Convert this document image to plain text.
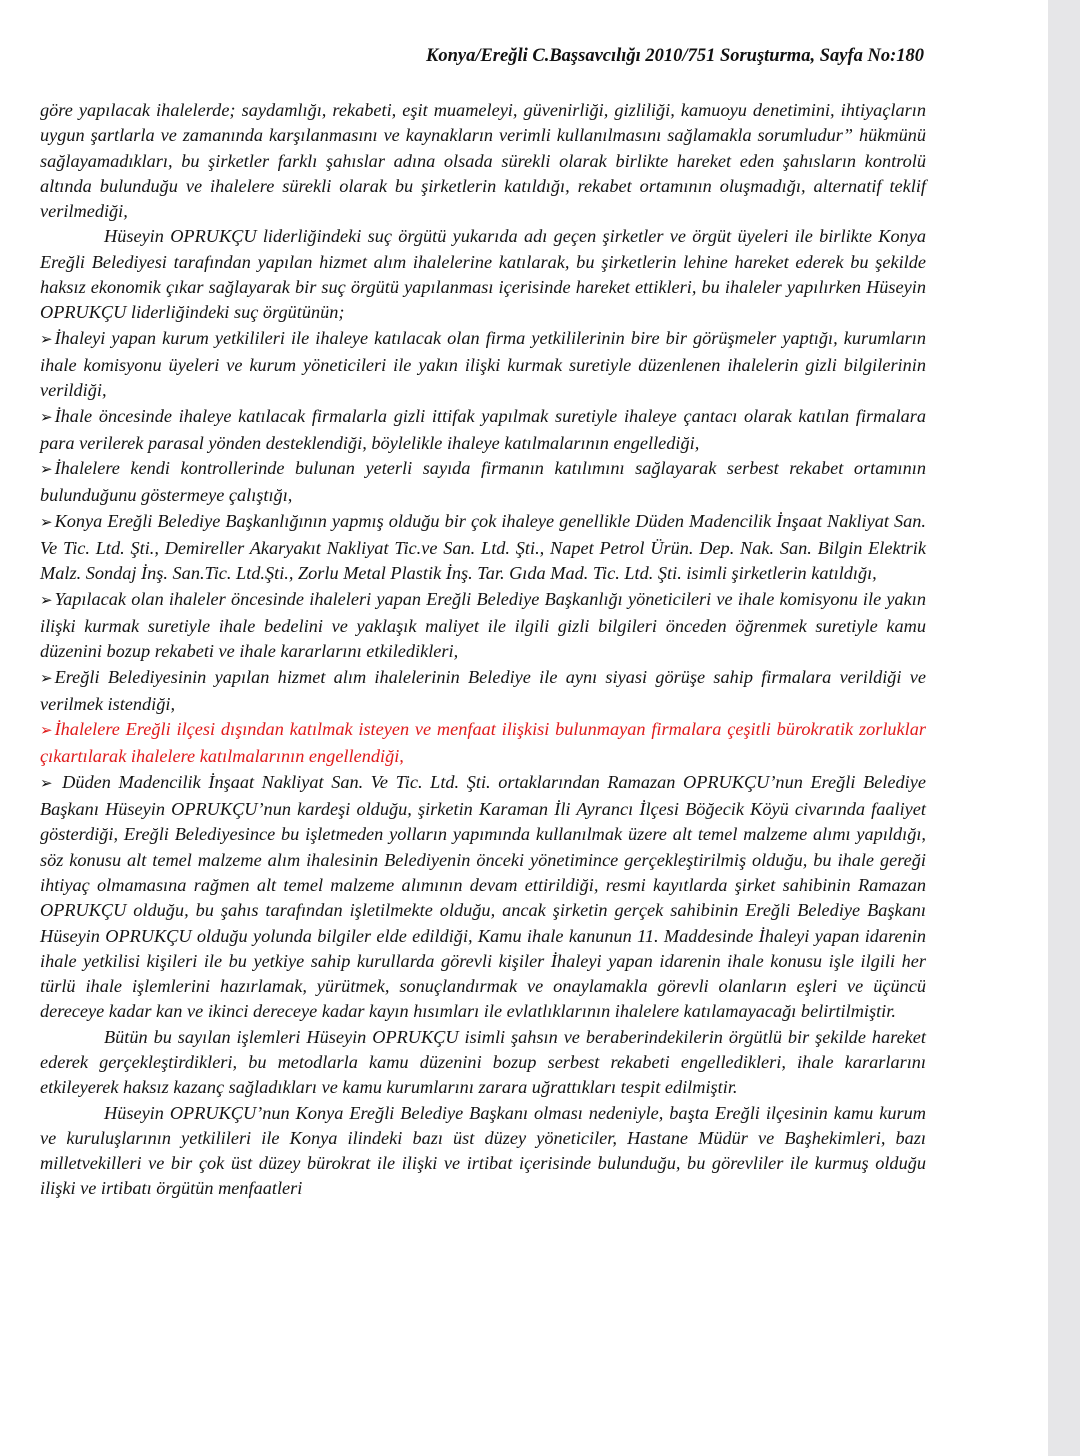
Konya/Ereğli C.Başsavcılığı 2010/751 Soruşturma, Sayfa No:180

göre yapılacak ihalelerde; saydamlığı, rekabeti, eşit muameleyi, güvenirliği, gizliliği, kamuoyu denetimini, ihtiyaçların uygun şartlarla ve zamanında karşılanmasını ve kaynakların verimli kullanılmasını sağlamakla sorumludur” hükmünü sağlayamadıkları, bu şirketler farklı şahıslar adına olsada sürekli olarak birlikte hareket eden şahısların kontrolü altında bulunduğu ve ihalelere sürekli olarak bu şirketlerin katıldığı, rekabet ortamının oluşmadığı, alternatif teklif verilmediği,

Hüseyin OPRUKÇU liderliğindeki suç örgütü yukarıda adı geçen şirketler ve örgüt üyeleri ile birlikte Konya Ereğli Belediyesi tarafından yapılan hizmet alım ihalelerine katılarak, bu şirketlerin lehine hareket ederek bu şekilde haksız ekonomik çıkar sağlayarak bir suç örgütü yapılanması içerisinde hareket ettikleri, bu ihaleler yapılırken Hüseyin OPRUKÇU liderliğindeki suç örgütünün;

➢ İhaleyi yapan kurum yetkilileri ile ihaleye katılacak olan firma yetkililerinin bire bir görüşmeler yaptığı, kurumların ihale komisyonu üyeleri ve kurum yöneticileri ile yakın ilişki kurmak suretiyle düzenlenen ihalelerin gizli bilgilerinin verildiği,

➢ İhale öncesinde ihaleye katılacak firmalarla gizli ittifak yapılmak suretiyle ihaleye çantacı olarak katılan firmalara para verilerek parasal yönden desteklendiği, böylelikle ihaleye katılmalarının engellediği,

➢ İhalelere kendi kontrollerinde bulunan yeterli sayıda firmanın katılımını sağlayarak serbest rekabet ortamının bulunduğunu göstermeye çalıştığı,

➢ Konya Ereğli Belediye Başkanlığının yapmış olduğu bir çok ihaleye genellikle Düden Madencilik İnşaat Nakliyat San. Ve Tic. Ltd. Şti., Demireller Akaryakıt Nakliyat Tic.ve San. Ltd. Şti., Napet Petrol Ürün. Dep. Nak. San. Bilgin Elektrik Malz. Sondaj İnş. San.Tic. Ltd.Şti., Zorlu Metal Plastik İnş. Tar. Gıda Mad. Tic. Ltd. Şti. isimli şirketlerin katıldığı,

➢ Yapılacak olan ihaleler öncesinde ihaleleri yapan Ereğli Belediye Başkanlığı yöneticileri ve ihale komisyonu ile yakın ilişki kurmak suretiyle ihale bedelini ve yaklaşık maliyet ile ilgili gizli bilgileri önceden öğrenmek suretiyle kamu düzenini bozup rekabeti ve ihale kararlarını etkiledikleri,

➢ Ereğli Belediyesinin yapılan hizmet alım ihalelerinin Belediye ile aynı siyasi görüşe sahip firmalara verildiği ve verilmek istendiği,

➢ İhalelere Ereğli ilçesi dışından katılmak isteyen ve menfaat ilişkisi bulunmayan firmalara çeşitli bürokratik zorluklar çıkartılarak ihalelere katılmalarının engellendiği,

➢ Düden Madencilik İnşaat Nakliyat San. Ve Tic. Ltd. Şti. ortaklarından Ramazan OPRUKÇU’nun Ereğli Belediye Başkanı Hüseyin OPRUKÇU’nun kardeşi olduğu, şirketin Karaman İli Ayrancı İlçesi Böğecik Köyü civarında faaliyet gösterdiği, Ereğli Belediyesince bu işletmeden yolların yapımında kullanılmak üzere alt temel malzeme alımı yapıldığı, söz konusu alt temel malzeme alım ihalesinin Belediyenin önceki yönetimince gerçekleştirilmiş olduğu, bu ihale gereği ihtiyaç olmamasına rağmen alt temel malzeme alımının devam ettirildiği, resmi kayıtlarda şirket sahibinin Ramazan OPRUKÇU olduğu, bu şahıs tarafından işletilmekte olduğu, ancak şirketin gerçek sahibinin Ereğli Belediye Başkanı Hüseyin OPRUKÇU olduğu yolunda bilgiler elde edildiği, Kamu ihale kanunun 11. Maddesinde İhaleyi yapan idarenin ihale yetkilisi kişileri ile bu yetkiye sahip kurullarda görevli kişiler İhaleyi yapan idarenin ihale konusu işle ilgili her türlü ihale işlemlerini hazırlamak, yürütmek, sonuçlandırmak ve onaylamakla görevli olanların eşleri ve üçüncü dereceye kadar kan ve ikinci dereceye kadar kayın hısımları ile evlatlıklarının ihalelere katılamayacağı belirtilmiştir.

Bütün bu sayılan işlemleri Hüseyin OPRUKÇU isimli şahsın ve beraberindekilerin örgütlü bir şekilde hareket ederek gerçekleştirdikleri, bu metodlarla kamu düzenini bozup serbest rekabeti engelledikleri, ihale kararlarını etkileyerek haksız kazanç sağladıkları ve kamu kurumlarını zarara uğrattıkları tespit edilmiştir.

Hüseyin OPRUKÇU’nun Konya Ereğli Belediye Başkanı olması nedeniyle, başta Ereğli ilçesinin kamu kurum ve kuruluşlarının yetkilileri ile Konya ilindeki bazı üst düzey yöneticiler, Hastane Müdür ve Başhekimleri, bazı milletvekilleri ve bir çok üst düzey bürokrat ile ilişki ve irtibat içerisinde bulunduğu, bu görevliler ile kurmuş olduğu ilişki ve irtibatı örgütün menfaatleri
